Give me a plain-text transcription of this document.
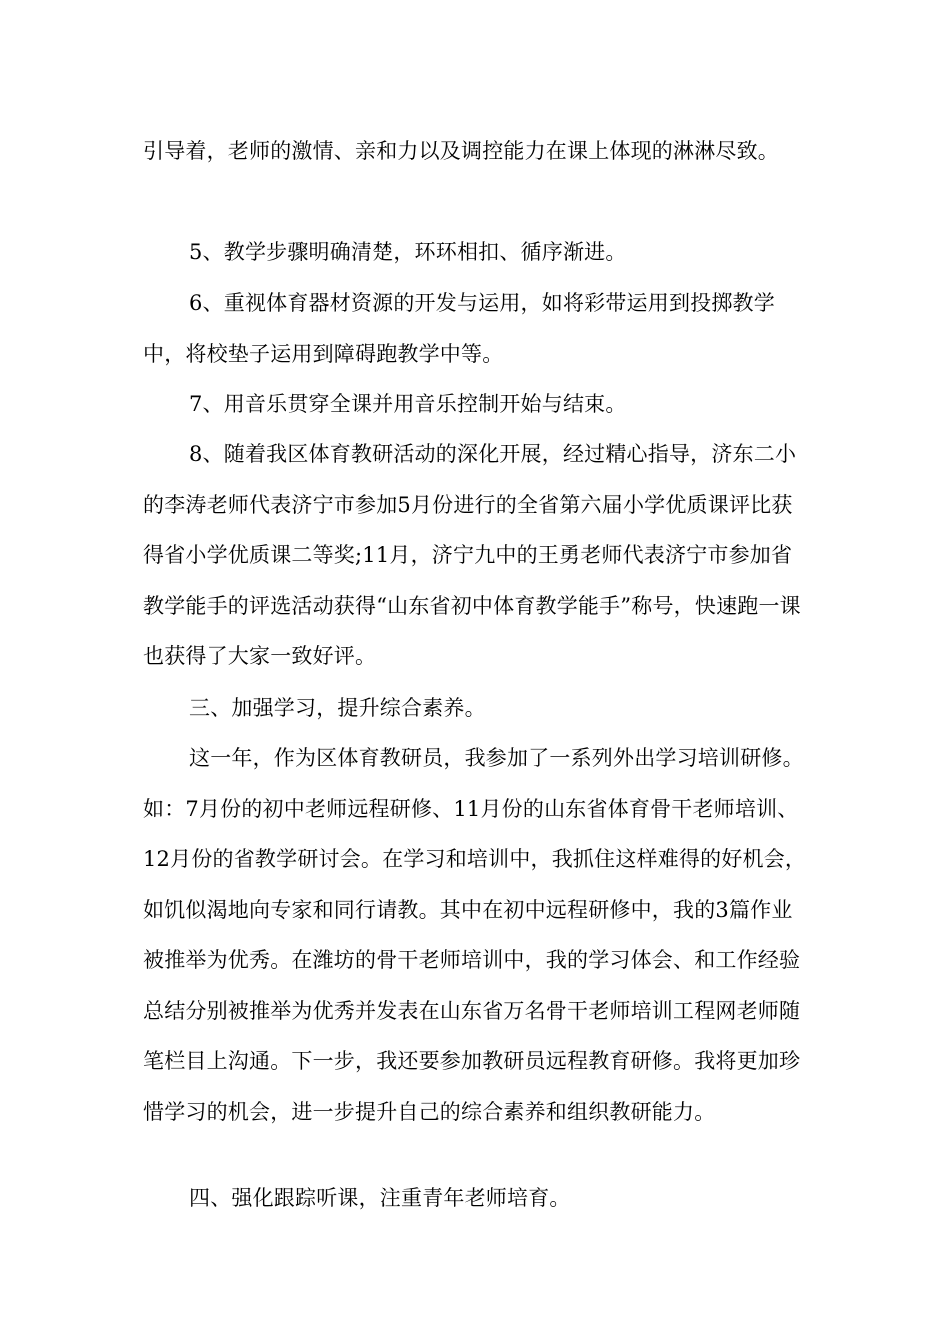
引导着，老师的激情、亲和力以及调控能力在课上体现的淋淋尽致。

5、教学步骤明确清楚，环环相扣、循序渐进。

6、重视体育器材资源的开发与运用，如将彩带运用到投掷教学中，将校垫子运用到障碍跑教学中等。

7、用音乐贯穿全课并用音乐控制开始与结束。

8、随着我区体育教研活动的深化开展，经过精心指导，济东二小的李涛老师代表济宁市参加5月份进行的全省第六届小学优质课评比获得省小学优质课二等奖;11月，济宁九中的王勇老师代表济宁市参加省教学能手的评选活动获得“山东省初中体育教学能手”称号，快速跑一课也获得了大家一致好评。

三、加强学习，提升综合素养。

这一年，作为区体育教研员，我参加了一系列外出学习培训研修。如：7月份的初中老师远程研修、11月份的山东省体育骨干老师培训、12月份的省教学研讨会。在学习和培训中，我抓住这样难得的好机会，如饥似渴地向专家和同行请教。其中在初中远程研修中，我的3篇作业被推举为优秀。在潍坊的骨干老师培训中，我的学习体会、和工作经验总结分别被推举为优秀并发表在山东省万名骨干老师培训工程网老师随笔栏目上沟通。下一步，我还要参加教研员远程教育研修。我将更加珍惜学习的机会，进一步提升自己的综合素养和组织教研能力。

四、强化跟踪听课，注重青年老师培育。
